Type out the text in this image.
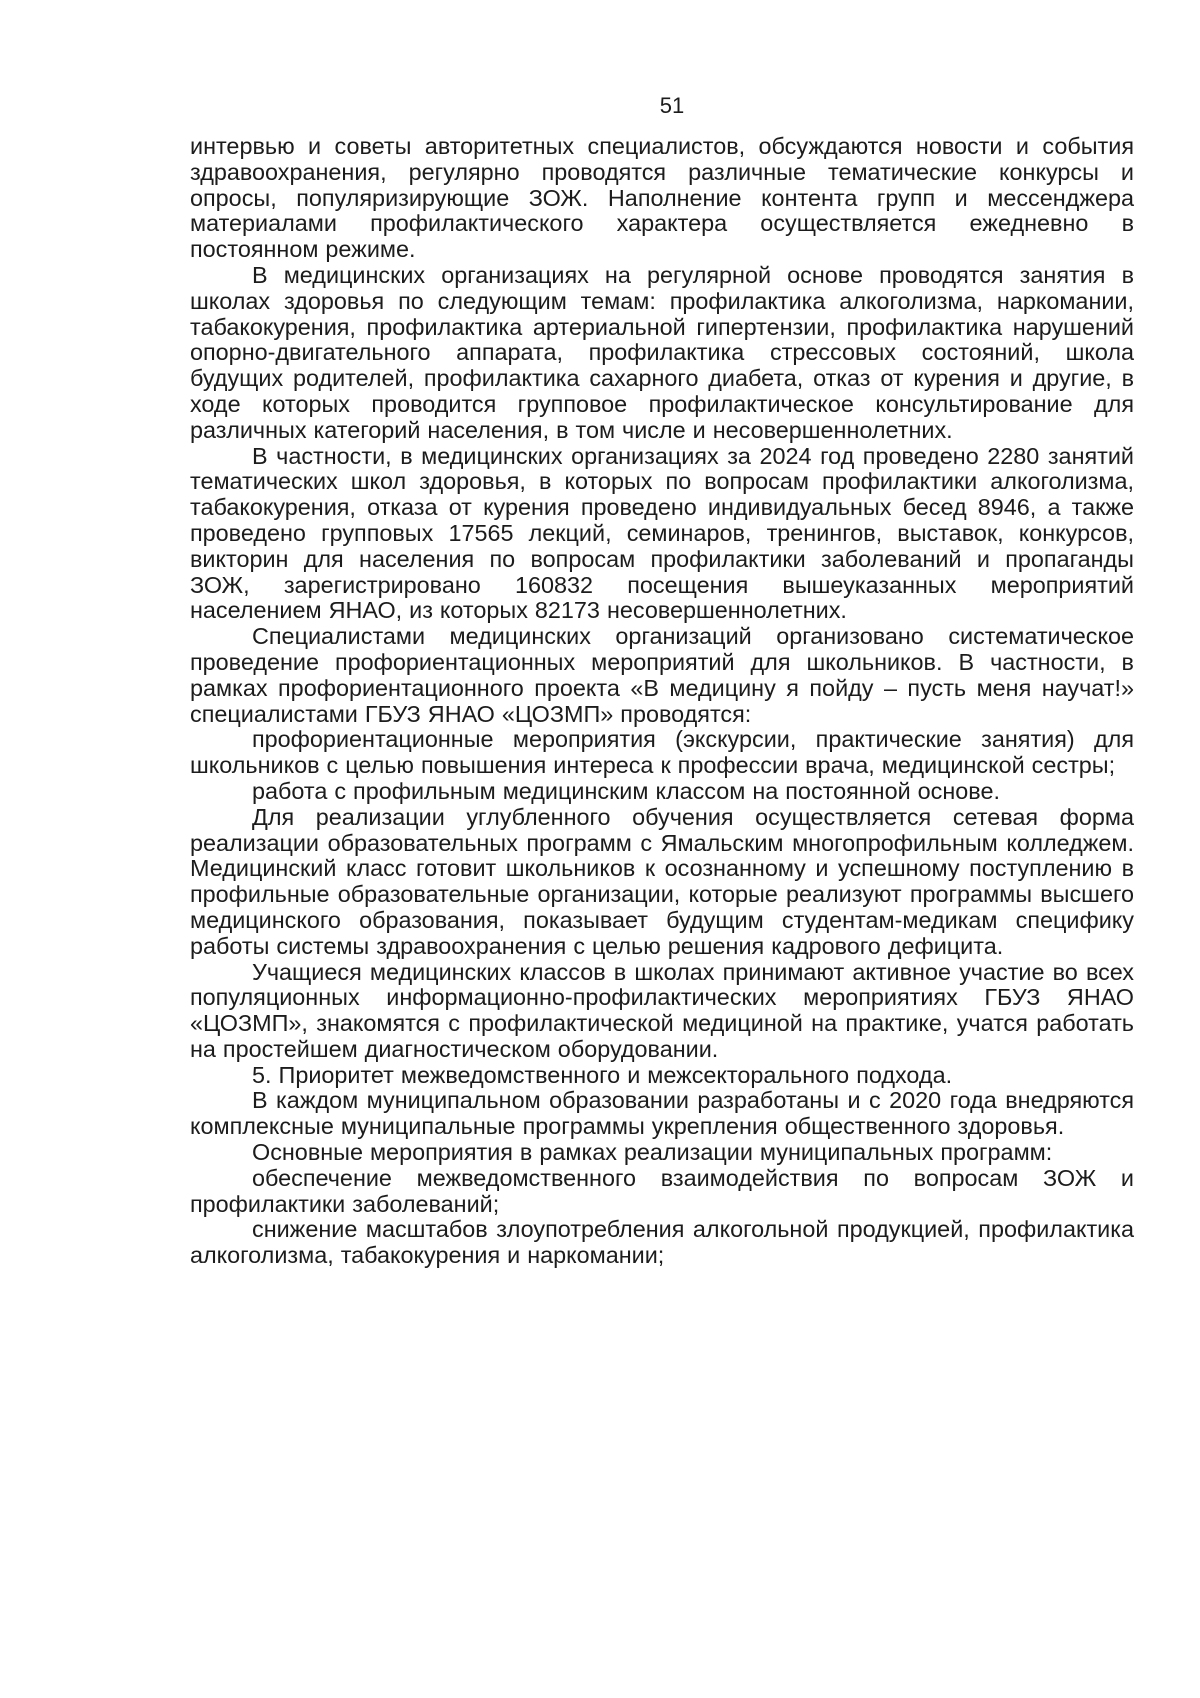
51

интервью и советы авторитетных специалистов, обсуждаются новости и события здравоохранения, регулярно проводятся различные тематические конкурсы и опросы, популяризирующие ЗОЖ. Наполнение контента групп и мессенджера материалами профилактического характера осуществляется ежедневно в постоянном режиме.

В медицинских организациях на регулярной основе проводятся занятия в школах здоровья по следующим темам: профилактика алкоголизма, наркомании, табакокурения, профилактика артериальной гипертензии, профилактика нарушений опорно-двигательного аппарата, профилактика стрессовых состояний, школа будущих родителей, профилактика сахарного диабета, отказ от курения и другие, в ходе которых проводится групповое профилактическое консультирование для различных категорий населения, в том числе и несовершеннолетних.

В частности, в медицинских организациях за 2024 год проведено 2280 занятий тематических школ здоровья, в которых по вопросам профилактики алкоголизма, табакокурения, отказа от курения проведено индивидуальных бесед 8946, а также проведено групповых 17565 лекций, семинаров, тренингов, выставок, конкурсов, викторин для населения по вопросам профилактики заболеваний и пропаганды ЗОЖ, зарегистрировано 160832 посещения вышеуказанных мероприятий населением ЯНАО, из которых 82173 несовершеннолетних.

Специалистами медицинских организаций организовано систематическое проведение профориентационных мероприятий для школьников. В частности, в рамках профориентационного проекта «В медицину я пойду – пусть меня научат!» специалистами ГБУЗ ЯНАО «ЦОЗМП» проводятся:

профориентационные мероприятия (экскурсии, практические занятия) для школьников с целью повышения интереса к профессии врача, медицинской сестры;

работа с профильным медицинским классом на постоянной основе.

Для реализации углубленного обучения осуществляется сетевая форма реализации образовательных программ с Ямальским многопрофильным колледжем. Медицинский класс готовит школьников к осознанному и успешному поступлению в профильные образовательные организации, которые реализуют программы высшего медицинского образования, показывает будущим студентам-медикам специфику работы системы здравоохранения с целью решения кадрового дефицита.

Учащиеся медицинских классов в школах принимают активное участие во всех популяционных информационно-профилактических мероприятиях ГБУЗ ЯНАО «ЦОЗМП», знакомятся с профилактической медициной на практике, учатся работать на простейшем диагностическом оборудовании.

5. Приоритет межведомственного и межсекторального подхода.

В каждом муниципальном образовании разработаны и с 2020 года внедряются комплексные муниципальные программы укрепления общественного здоровья.

Основные мероприятия в рамках реализации муниципальных программ:

обеспечение межведомственного взаимодействия по вопросам ЗОЖ и профилактики заболеваний;

снижение масштабов злоупотребления алкогольной продукцией, профилактика алкоголизма, табакокурения и наркомании;
